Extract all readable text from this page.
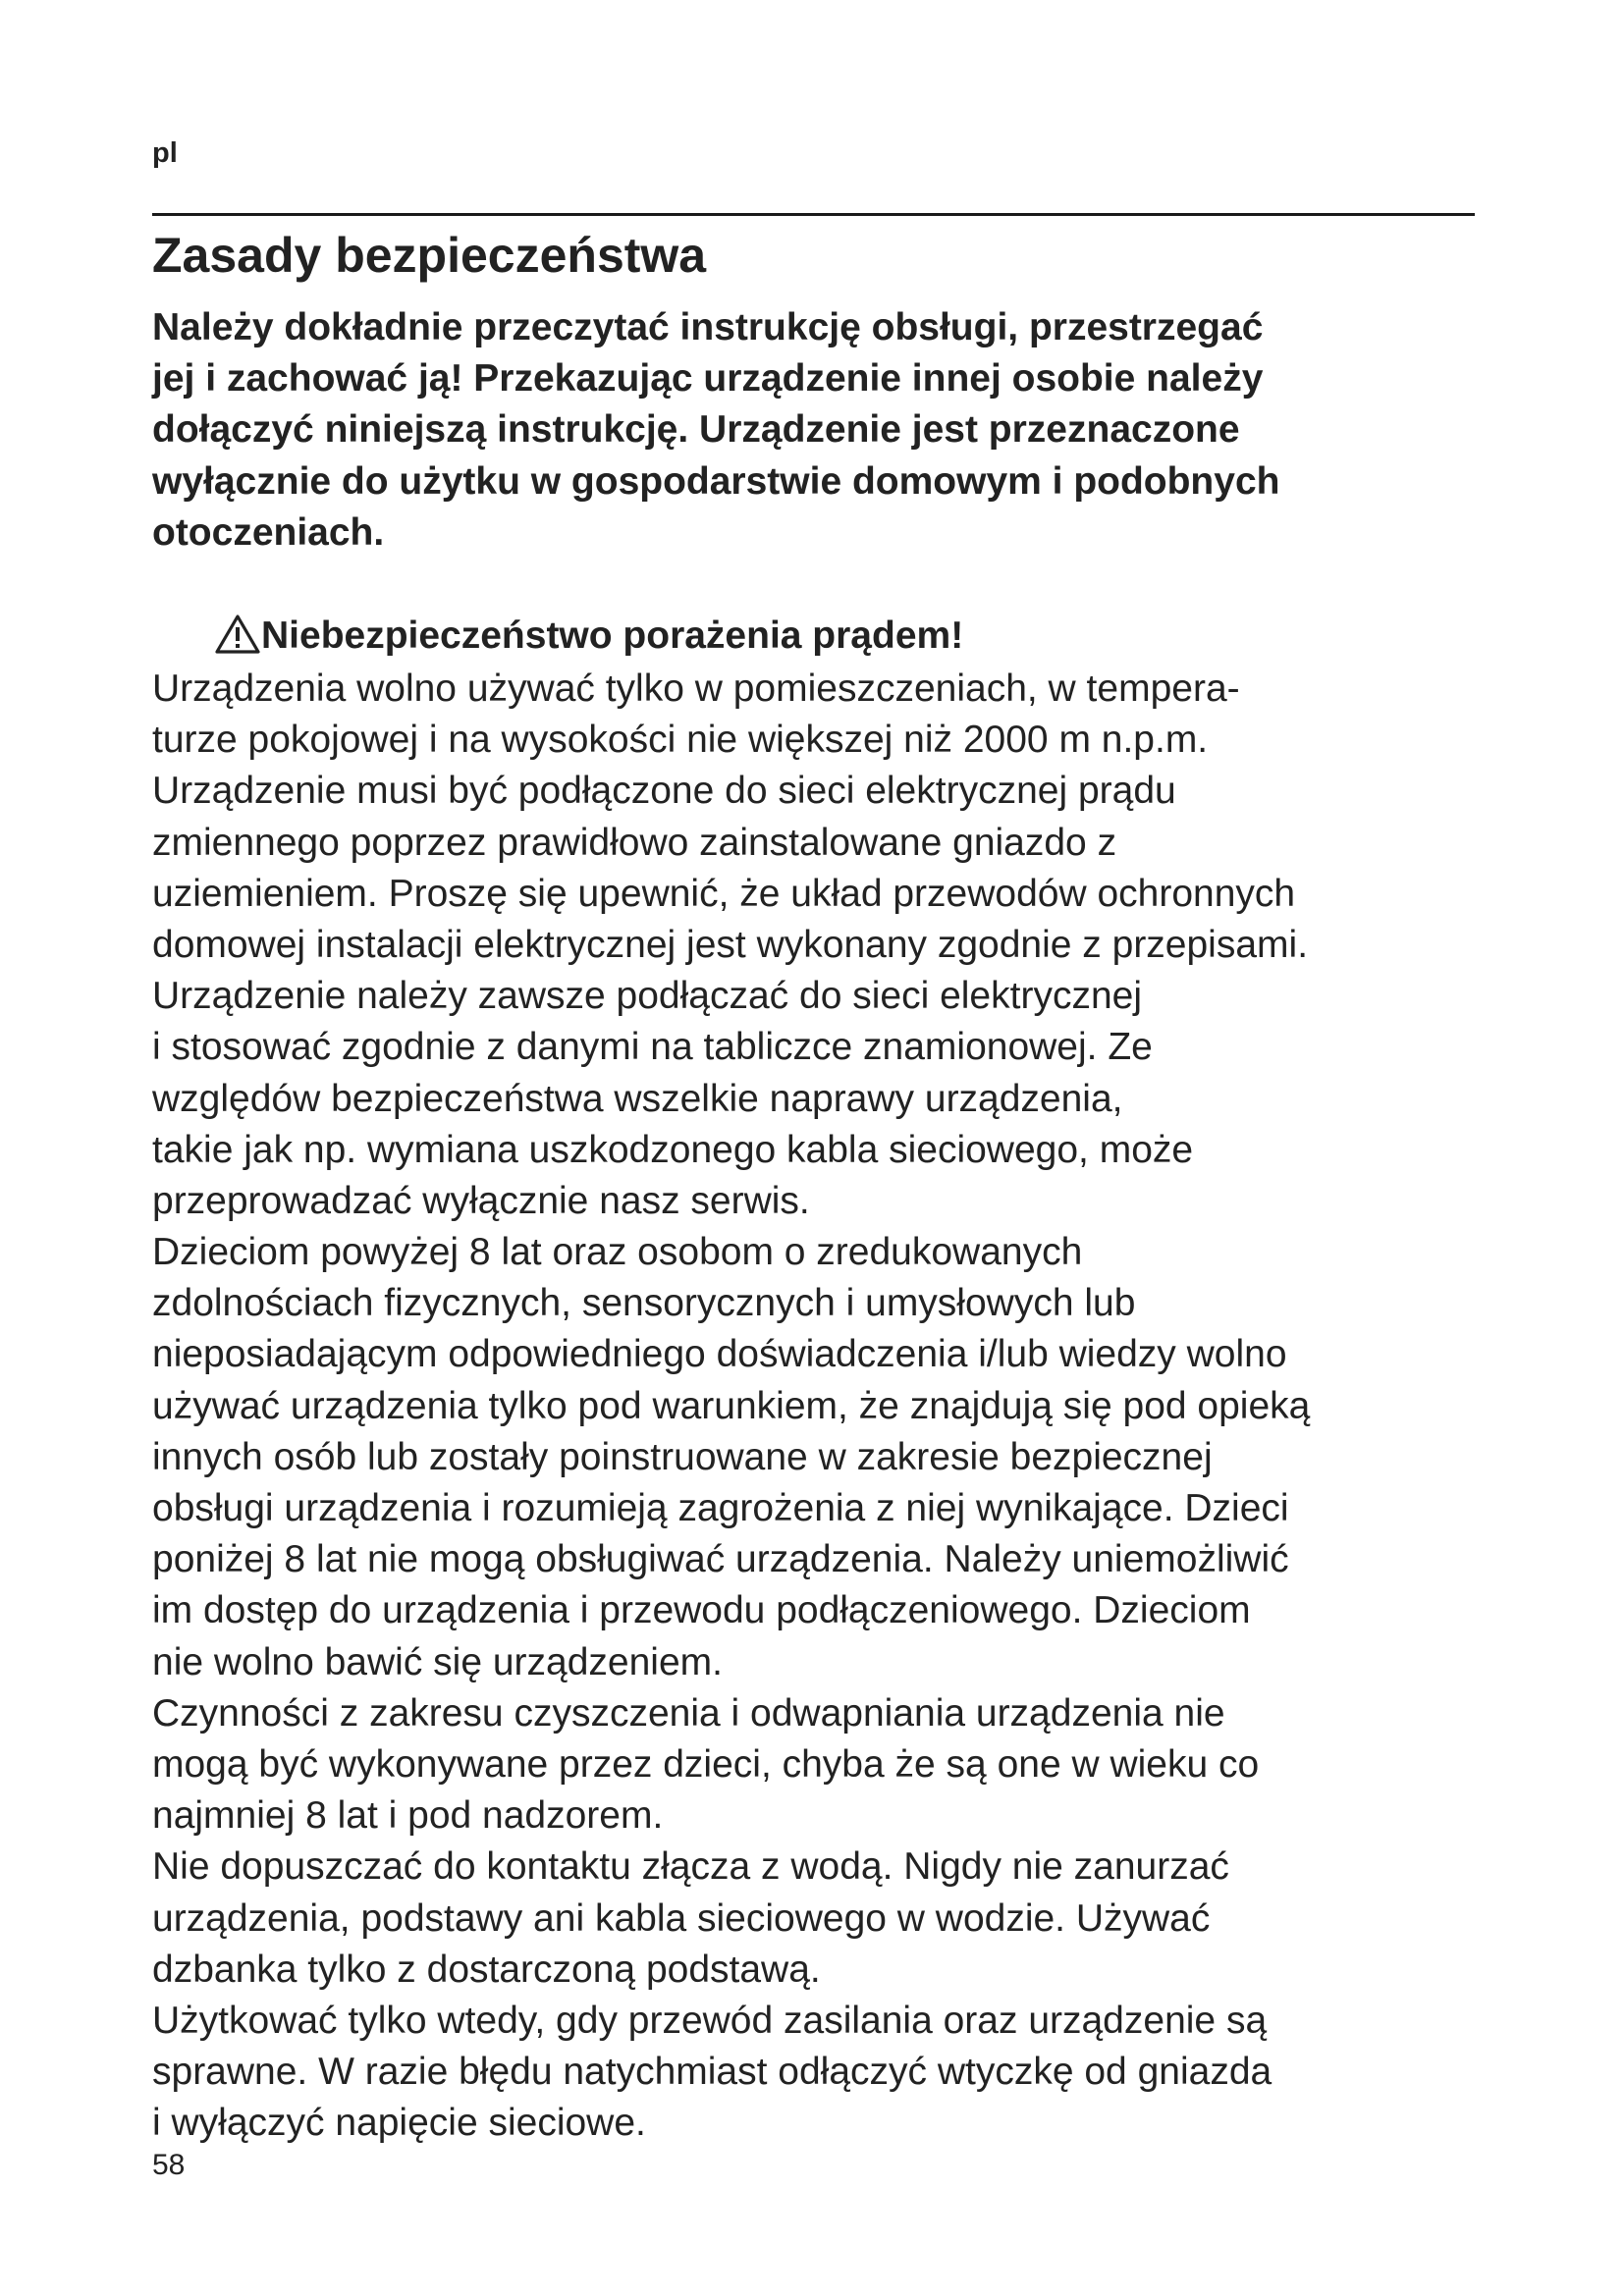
pl
Zasady bezpieczeństwa
Należy dokładnie przeczytać instrukcję obsługi, przestrzegać
jej i zachować ją! Przekazując urządzenie innej osobie należy
dołączyć niniejszą instrukcję. Urządzenie jest przeznaczone
wyłącznie do użytku w gospodarstwie domowym i podobnych
otoczeniach.
Niebezpieczeństwo porażenia prądem!
Urządzenia wolno używać tylko w pomieszczeniach, w tempera-
turze pokojowej i na wysokości nie większej niż 2000 m n.p.m.
Urządzenie musi być podłączone do sieci elektrycznej prądu
zmiennego poprzez prawidłowo zainstalowane gniazdo z
uziemieniem. Proszę się upewnić, że układ przewodów ochronnych
domowej instalacji elektrycznej jest wykonany zgodnie z przepisami.
Urządzenie należy zawsze podłączać do sieci elektrycznej
i stosować zgodnie z danymi na tabliczce znamionowej. Ze
względów bezpieczeństwa wszelkie naprawy urządzenia,
takie jak np. wymiana uszkodzonego kabla sieciowego, może
przeprowadzać wyłącznie nasz serwis.
Dzieciom powyżej 8 lat oraz osobom o zredukowanych
zdolnościach fizycznych, sensorycznych i umysłowych lub
nieposiadającym odpowiedniego doświadczenia i/lub wiedzy wolno
używać urządzenia tylko pod warunkiem, że znajdują się pod opieką
innych osób lub zostały poinstruowane w zakresie bezpiecznej
obsługi urządzenia i rozumieją zagrożenia z niej wynikające. Dzieci
poniżej 8 lat nie mogą obsługiwać urządzenia. Należy uniemożliwić
im dostęp do urządzenia i przewodu podłączeniowego. Dzieciom
nie wolno bawić się urządzeniem.
Czynności z zakresu czyszczenia i odwapniania urządzenia nie
mogą być wykonywane przez dzieci, chyba że są one w wieku co
najmniej 8 lat i pod nadzorem.
Nie dopuszczać do kontaktu złącza z wodą. Nigdy nie zanurzać
urządzenia, podstawy ani kabla sieciowego w wodzie. Używać
dzbanka tylko z dostarczoną podstawą.
Użytkować tylko wtedy, gdy przewód zasilania oraz urządzenie są
sprawne. W razie błędu natychmiast odłączyć wtyczkę od gniazda
i wyłączyć napięcie sieciowe.
58
